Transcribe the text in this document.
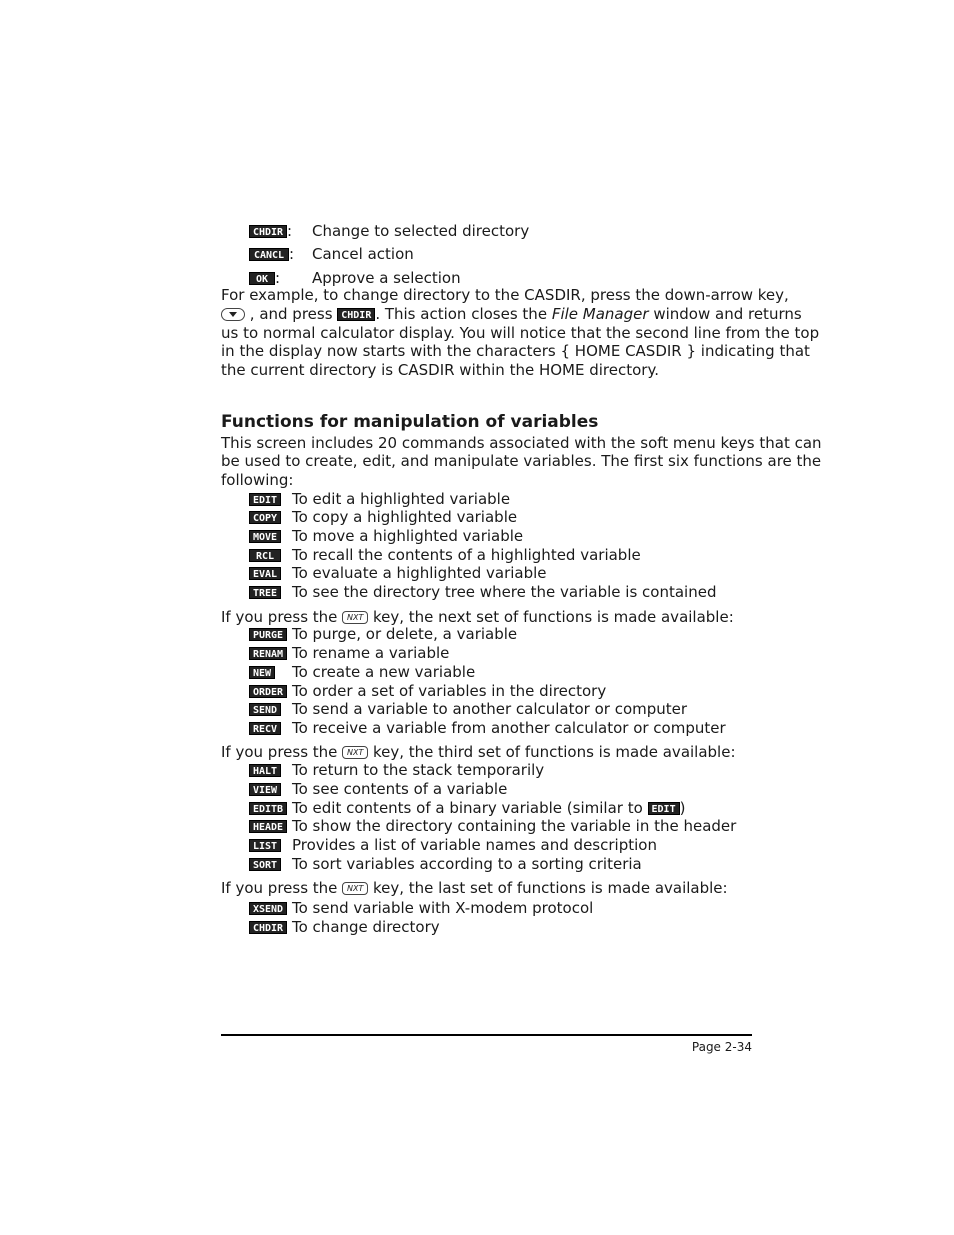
CHDIR : Change to selected directory
CANCL : Cancel action
OK : Approve a selection
For example, to change directory to the CASDIR, press the down-arrow key,
, and press CHDIR . This action closes the File Manager window and returns
us to normal calculator display. You will notice that the second line from the top
in the display now starts with the characters { HOME CASDIR } indicating that
the current directory is CASDIR within the HOME directory.
Functions for manipulation of variables
This screen includes 20 commands associated with the soft menu keys that can
be used to create, edit, and manipulate variables. The first six functions are the
following:
EDIT To edit a highlighted variable
COPY To copy a highlighted variable
MOVE To move a highlighted variable
RCL	To recall the contents of a highlighted variable
EVAL To evaluate a highlighted variable
TREE To see the directory tree where the variable is contained
If you press the NXT key, the next set of functions is made available:
PURGE To purge, or delete, a variable
RENAM To rename a variable
NEW To create a new variable
ORDER To order a set of variables in the directory
SEND To send a variable to another calculator or computer
RECV To receive a variable from another calculator or computer
If you press the NXT key, the third set of functions is made available:
HALT To return to the stack temporarily
VIEW To see contents of a variable
EDITB To edit contents of a binary variable (similar to EDIT )
HEADE To show the directory containing the variable in the header
LIST Provides a list of variable names and description
SORT To sort variables according to a sorting criteria
If you press the NXT key, the last set of functions is made available:
XSEND To send variable with X-modem protocol
CHDIR To change directory
Page 2-34
